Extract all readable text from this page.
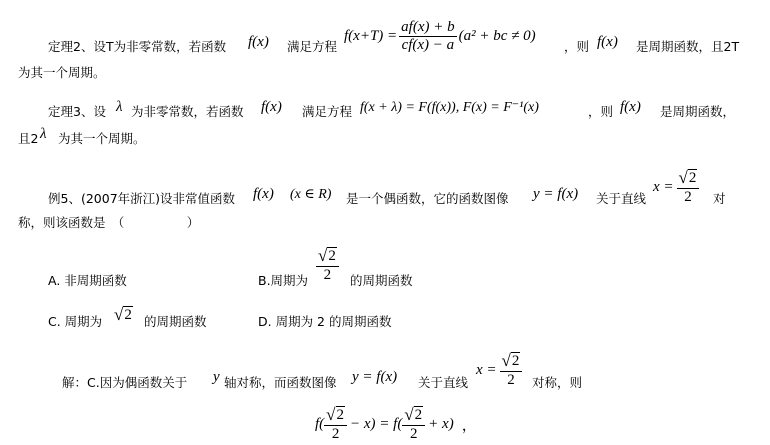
定理2、设T为非零常数，若函数 f(x) 满足方程
$f(x+T) = \frac{af(x) + b}{cf(x) - a} (a^2$ + bc ≠ 0)
，则 f(x) 是周期函数，且2T
为其一个周期。
定理3、设 λ 为非零常数，若函数 f(x) 满足方程 f(x + λ) = F(f(x)), F(x) = F⁻¹(x)	，则 f(x) 是周期函数，
且2 λ 为其一个周期。
例5、(2007年浙江)设非常值函数 f(x) (x ∈ R) 是一个偶函数，它的函数图像 y = f(x) 关于直线
$x = \frac{√ 2}{2}$ 对
称，则该函数是　（　　　　　）
A. 非周期函数	B.周期为 $\frac{√ 2}{2}$ 的周期函数
C. 周期为 √ 2 的周期函数	D. 周期为 2 的周期函数
解：C.因为偶函数关于 y 轴对称，而函数图像 y = f(x) 关于直线
$x = \frac{√ 2}{2}$ 对称，则
$f( \frac{√ 2}{2} - x) = f( \frac{√ 2}{2} + x)$ ，
